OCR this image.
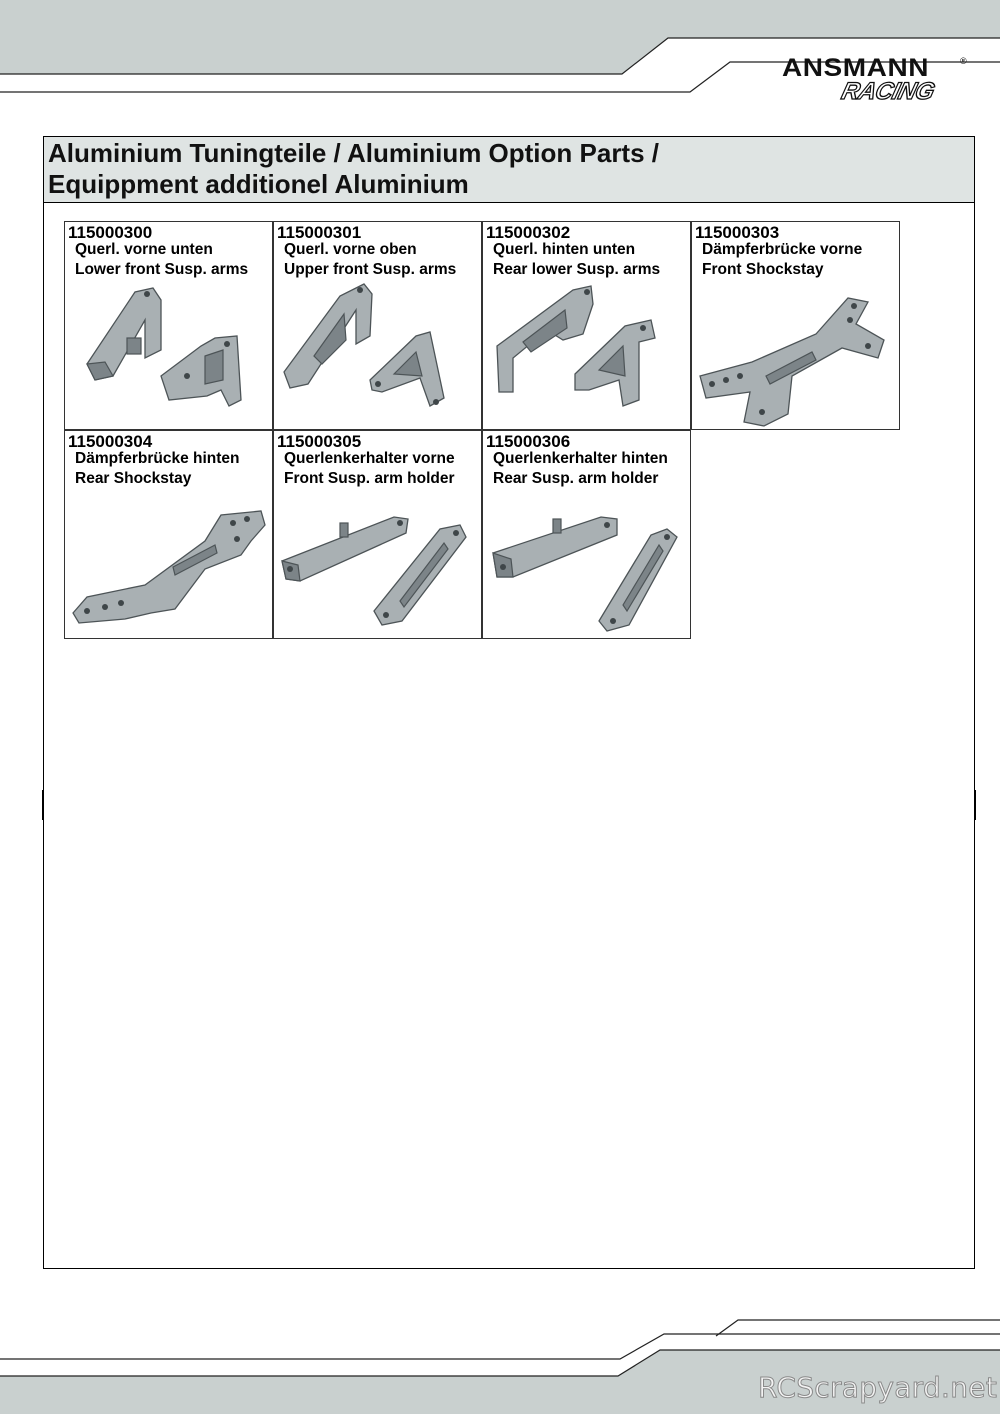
ANSMANN	®
RACING
Aluminium Tuningteile / Aluminium Option Parts /
Equippment additionel Aluminium
115000300
Querl. vorne unten
Lower front Susp. arms
115000301
Querl. vorne oben
Upper front Susp. arms
115000302
Querl. hinten unten
Rear lower Susp. arms
115000303
Dämpferbrücke vorne
Front Shockstay
115000304
Dämpferbrücke hinten
Rear Shockstay
115000305
Querlenkerhalter vorne
Front Susp. arm holder
115000306
Querlenkerhalter hinten
Rear Susp. arm holder
RCScrapyard.net
